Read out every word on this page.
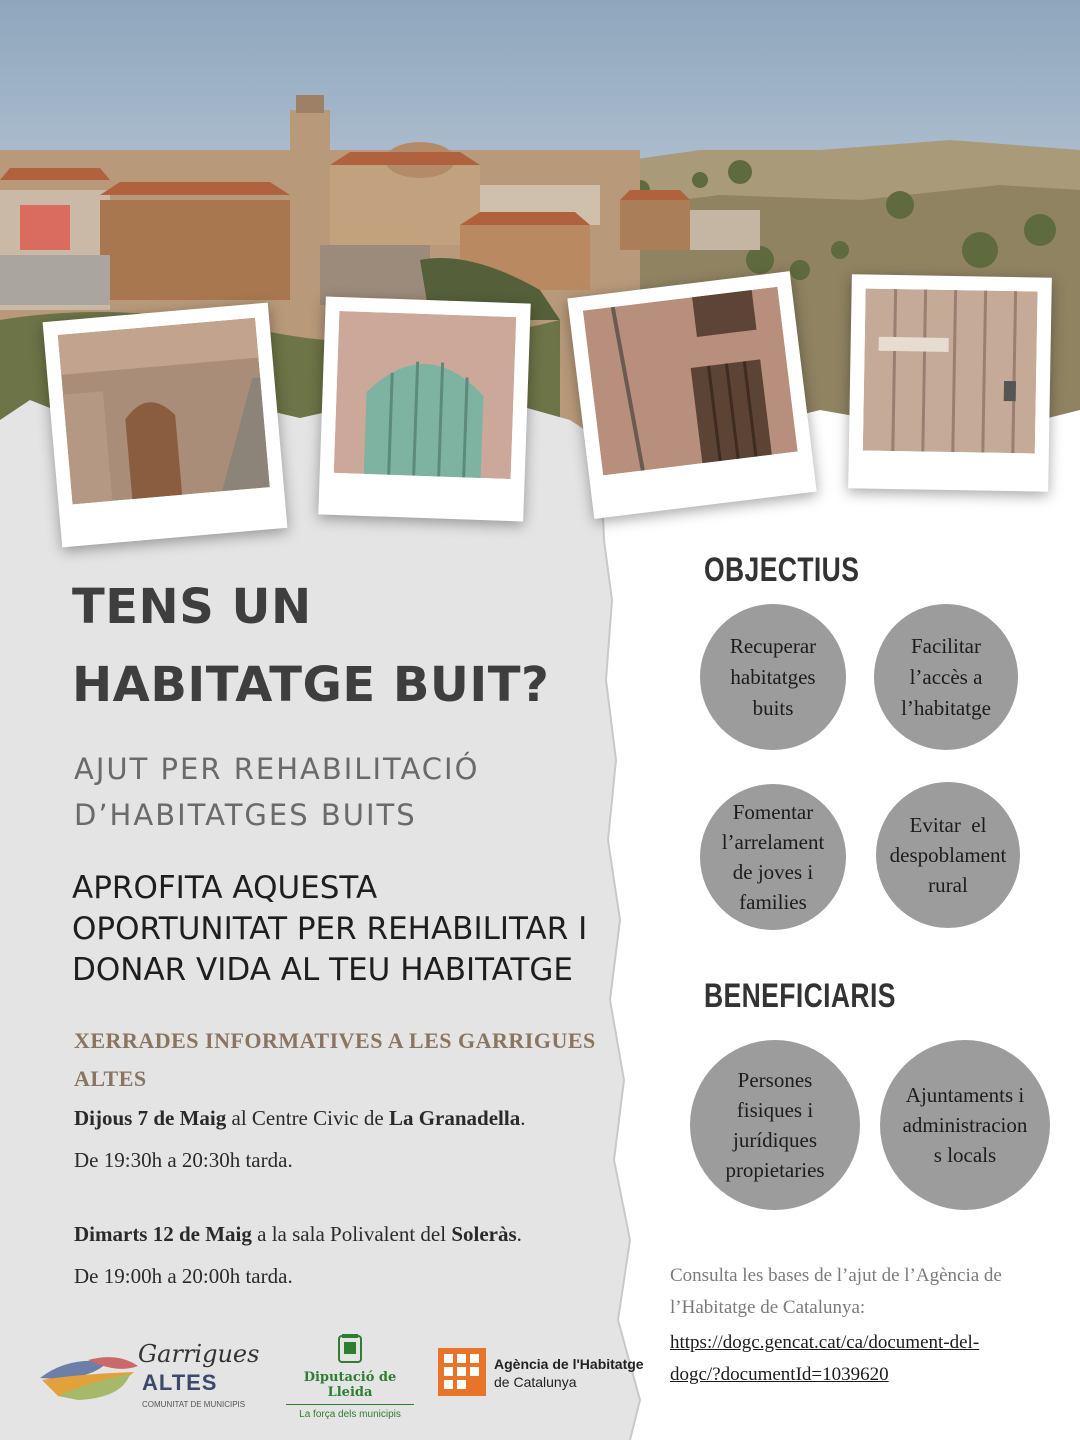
TENS UN
HABITATGE BUIT?
AJUT PER REHABILITACIÓ
D’HABITATGES BUITS
APROFITA AQUESTA
OPORTUNITAT PER REHABILITAR I
DONAR VIDA AL TEU HABITATGE
XERRADES INFORMATIVES A LES GARRIGUES
ALTES
Dijous 7 de Maig al Centre Civic de La Granadella.
De 19:30h a 20:30h tarda.
Dimarts 12 de Maig a la sala Polivalent del Soleràs.
De 19:00h a 20:00h tarda.
OBJECTIUS
Recuperar
habitatges
buits
Facilitar
l’accès a
l’habitatge
Fomentar
l’arrelament
de joves i
families
Evitar  el
despoblament
rural
BENEFICIARIS
Persones
fisiques i
jurídiques
propietaries
Ajuntaments i
administracion
s locals
Consulta les bases de l’ajut de l’Agència de
l’Habitatge de Catalunya:
https://dogc.gencat.cat/ca/document-del-
dogc/?documentId=1039620
Garrigues
ALTES
COMUNITAT DE MUNICIPIS
Diputació de Lleida
La força dels municipis
Agència de l'Habitatge
de Catalunya
